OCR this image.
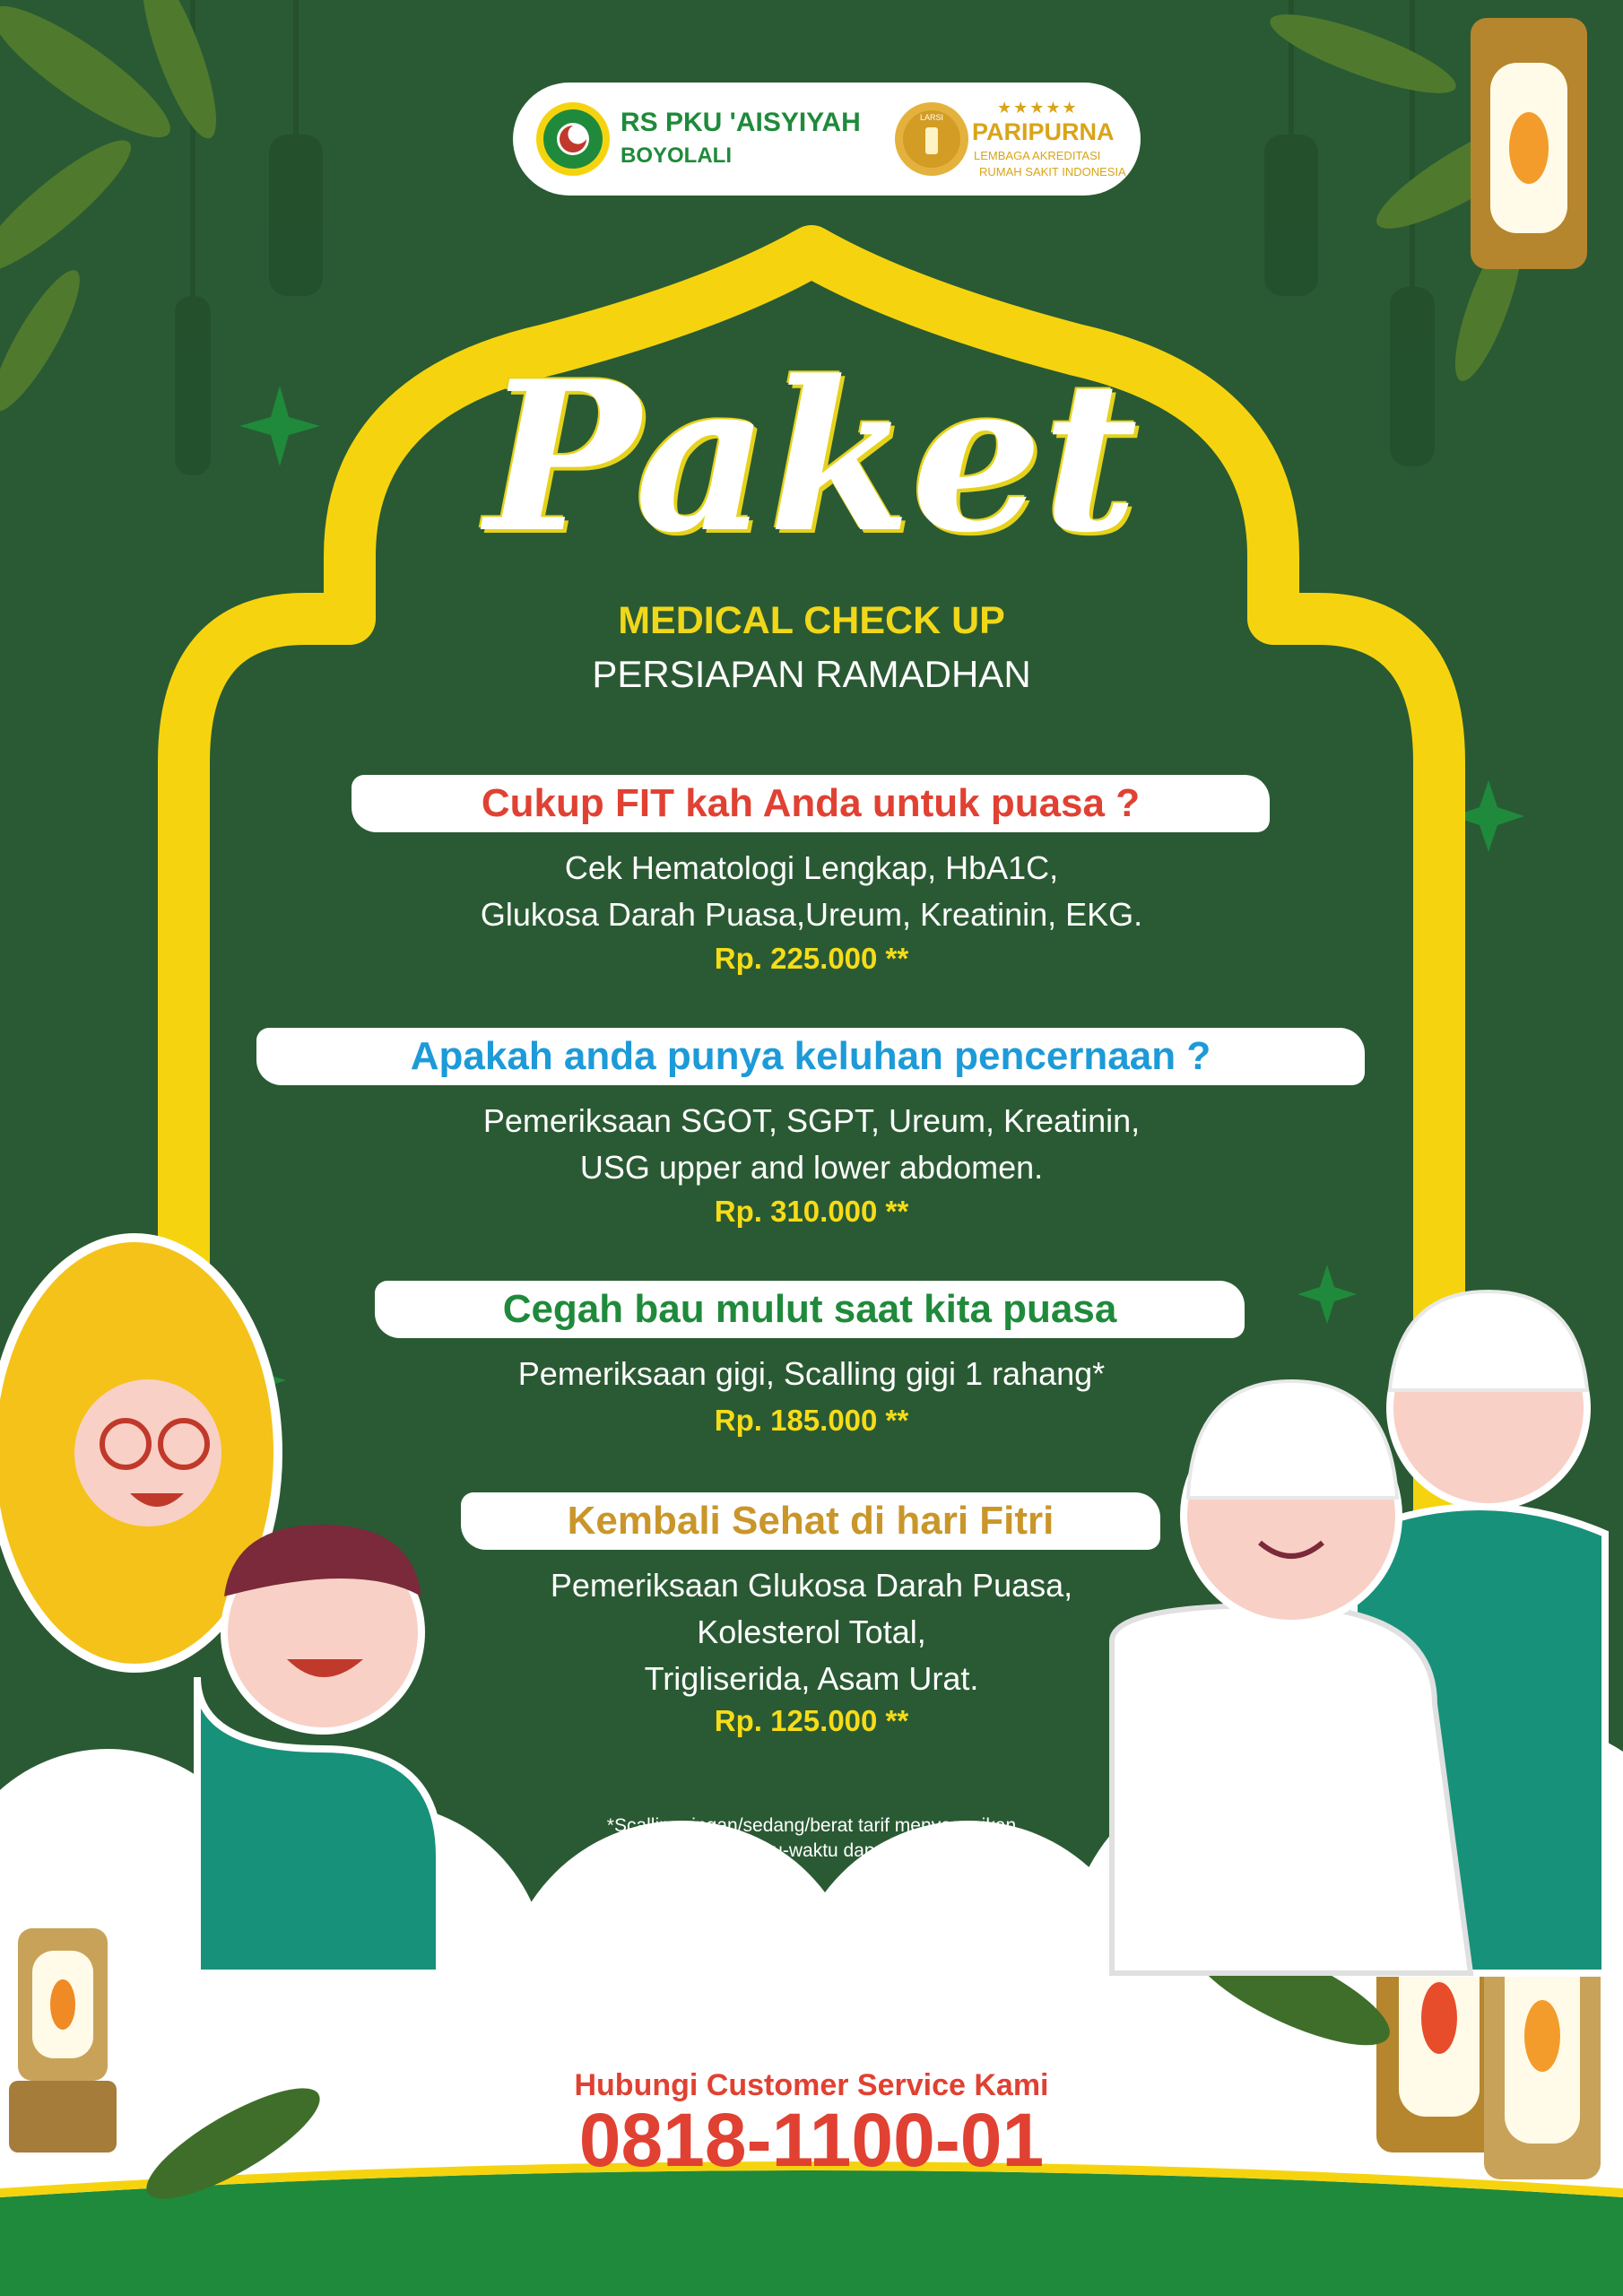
RS PKU 'AISYIYAH
BOYOLALI
LARSI
★★★★★
PARIPURNA
LEMBAGA AKREDITASI
RUMAH SAKIT INDONESIA
Paket
MEDICAL CHECK UP
PERSIAPAN RAMADHAN
Cukup FIT kah Anda untuk puasa ?
Cek Hematologi Lengkap, HbA1C,
Glukosa Darah Puasa,Ureum, Kreatinin, EKG.
Rp. 225.000 **
Apakah anda punya keluhan pencernaan ?
Pemeriksaan SGOT, SGPT, Ureum, Kreatinin,
USG upper and lower abdomen.
Rp. 310.000 **
Cegah bau mulut saat kita puasa
Pemeriksaan gigi, Scalling gigi 1 rahang*
Rp. 185.000 **
Kembali Sehat di hari Fitri
Pemeriksaan Glukosa Darah Puasa,
Kolesterol Total,
Trigliserida, Asam Urat.
Rp. 125.000 **
*Scalling ringan/sedang/berat tarif menyesuaikan
**Tarif sewaktu-waktu dapat berubah
Hubungi Customer Service Kami
0818-1100-01
